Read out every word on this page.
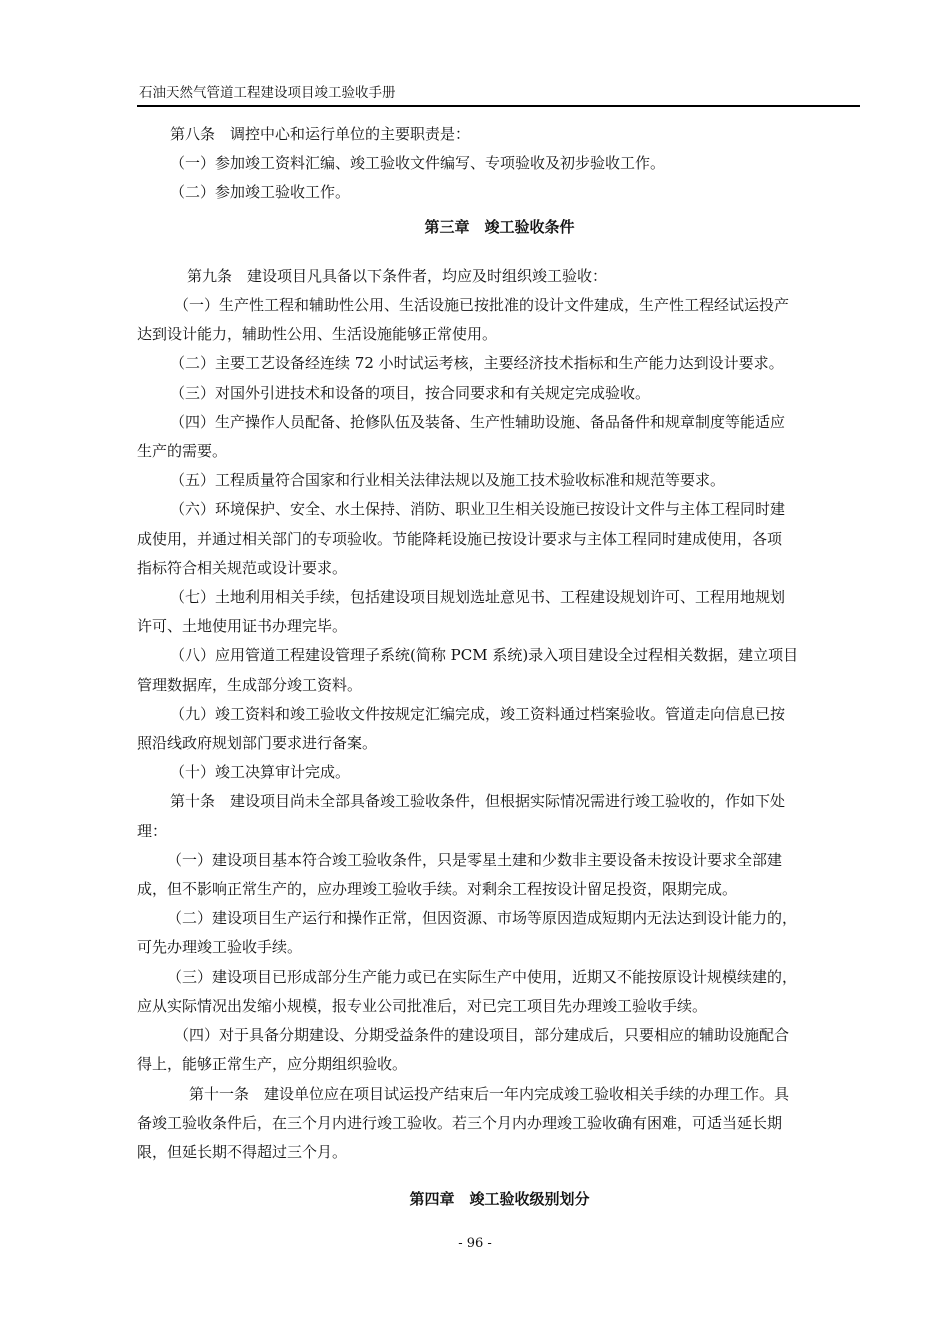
石油天然气管道工程建设项目竣工验收手册

第八条　调控中心和运行单位的主要职责是：

（一）参加竣工资料汇编、竣工验收文件编写、专项验收及初步验收工作。

（二）参加竣工验收工作。

第三章　竣工验收条件

第九条　建设项目凡具备以下条件者，均应及时组织竣工验收：

（一）生产性工程和辅助性公用、生活设施已按批准的设计文件建成，生产性工程经试运投产

达到设计能力，辅助性公用、生活设施能够正常使用。

（二）主要工艺设备经连续 72 小时试运考核，主要经济技术指标和生产能力达到设计要求。

（三）对国外引进技术和设备的项目，按合同要求和有关规定完成验收。

（四）生产操作人员配备、抢修队伍及装备、生产性辅助设施、备品备件和规章制度等能适应

生产的需要。

（五）工程质量符合国家和行业相关法律法规以及施工技术验收标准和规范等要求。

（六）环境保护、安全、水土保持、消防、职业卫生相关设施已按设计文件与主体工程同时建

成使用，并通过相关部门的专项验收。节能降耗设施已按设计要求与主体工程同时建成使用，各项

指标符合相关规范或设计要求。

（七）土地利用相关手续，包括建设项目规划选址意见书、工程建设规划许可、工程用地规划

许可、土地使用证书办理完毕。

（八）应用管道工程建设管理子系统(简称 PCM 系统)录入项目建设全过程相关数据，建立项目

管理数据库，生成部分竣工资料。

（九）竣工资料和竣工验收文件按规定汇编完成，竣工资料通过档案验收。管道走向信息已按

照沿线政府规划部门要求进行备案。

（十）竣工决算审计完成。

第十条　建设项目尚未全部具备竣工验收条件，但根据实际情况需进行竣工验收的，作如下处

理：

（一）建设项目基本符合竣工验收条件，只是零星土建和少数非主要设备未按设计要求全部建

成，但不影响正常生产的，应办理竣工验收手续。对剩余工程按设计留足投资，限期完成。

（二）建设项目生产运行和操作正常，但因资源、市场等原因造成短期内无法达到设计能力的，

可先办理竣工验收手续。

（三）建设项目已形成部分生产能力或已在实际生产中使用，近期又不能按原设计规模续建的，

应从实际情况出发缩小规模，报专业公司批准后，对已完工项目先办理竣工验收手续。

（四）对于具备分期建设、分期受益条件的建设项目，部分建成后，只要相应的辅助设施配合

得上，能够正常生产，应分期组织验收。

第十一条　建设单位应在项目试运投产结束后一年内完成竣工验收相关手续的办理工作。具

备竣工验收条件后，在三个月内进行竣工验收。若三个月内办理竣工验收确有困难，可适当延长期

限，但延长期不得超过三个月。

第四章　竣工验收级别划分

- 96 -
